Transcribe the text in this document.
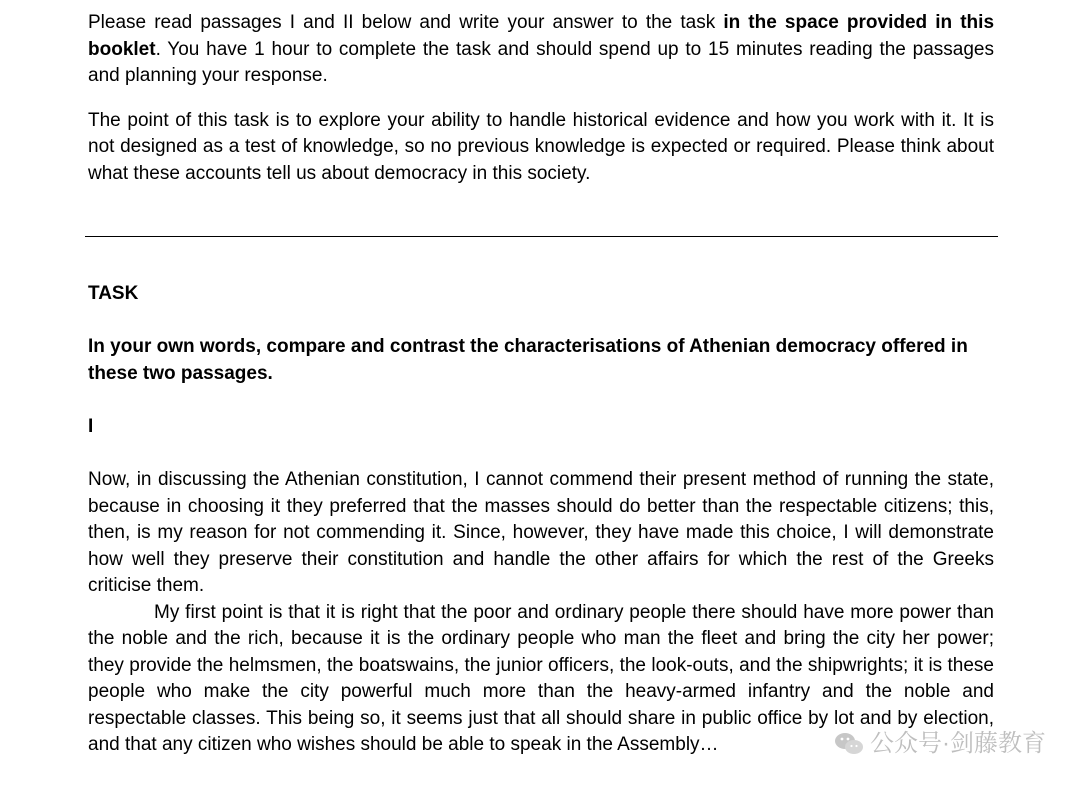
Please read passages I and II below and write your answer to the task in the space provided in this booklet. You have 1 hour to complete the task and should spend up to 15 minutes reading the passages and planning your response.

The point of this task is to explore your ability to handle historical evidence and how you work with it. It is not designed as a test of knowledge, so no previous knowledge is expected or required. Please think about what these accounts tell us about democracy in this society.

TASK

In your own words, compare and contrast the characterisations of Athenian democracy offered in these two passages.

I

Now, in discussing the Athenian constitution, I cannot commend their present method of running the state, because in choosing it they preferred that the masses should do better than the respectable citizens; this, then, is my reason for not commending it. Since, however, they have made this choice, I will demonstrate how well they preserve their constitution and handle the other affairs for which the rest of the Greeks criticise them.

My first point is that it is right that the poor and ordinary people there should have more power than the noble and the rich, because it is the ordinary people who man the fleet and bring the city her power; they provide the helmsmen, the boatswains, the junior officers, the look-outs, and the shipwrights; it is these people who make the city powerful much more than the heavy-armed infantry and the noble and respectable classes. This being so, it seems just that all should share in public office by lot and by election, and that any citizen who wishes should be able to speak in the Assembly…	公众号·剑藤教育
